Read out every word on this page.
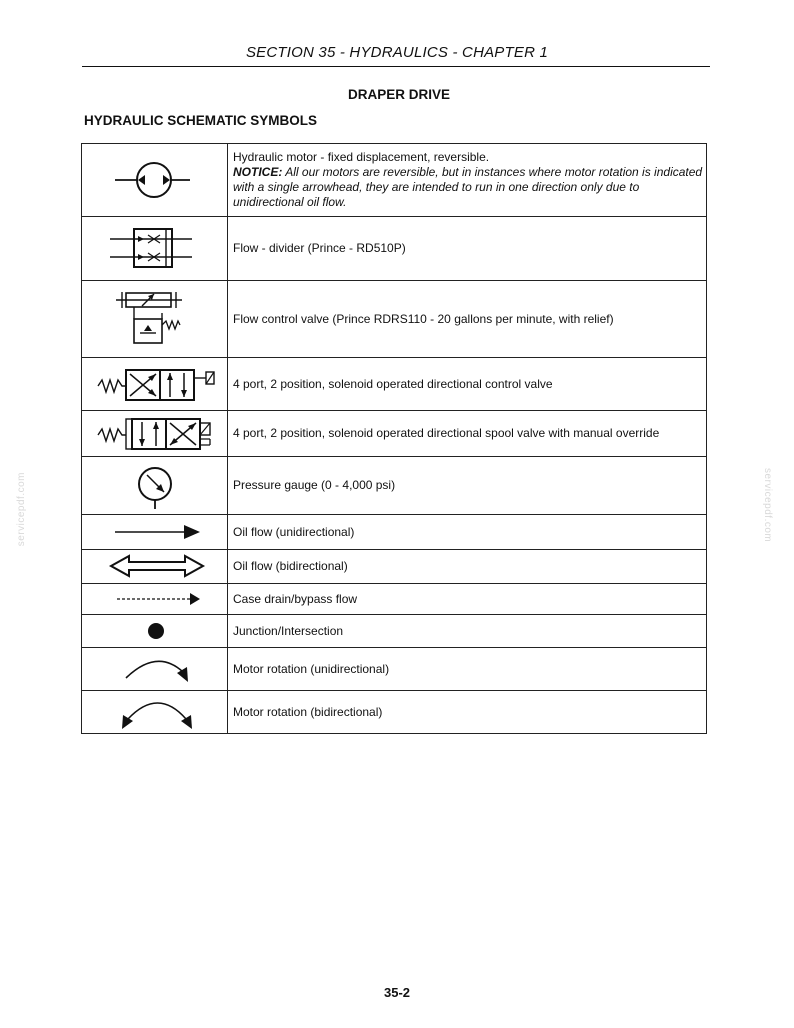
SECTION 35 - HYDRAULICS - CHAPTER 1
DRAPER DRIVE
HYDRAULIC SCHEMATIC SYMBOLS
servicepdf.com	servicepdf.com

Hydraulic motor - fixed displacement, reversible.
NOTICE: All our motors are reversible, but in instances where motor rotation is indicated with a single arrowhead, they are intended to run in one direction only due to unidirectional oil flow.

	Flow - divider (Prince - RD510P)

	Flow control valve (Prince RDRS110 - 20 gallons per minute, with relief)

	4 port, 2 position, solenoid operated directional control valve

	4 port, 2 position, solenoid operated directional spool valve with manual override

	Pressure gauge (0 - 4,000 psi)

	Oil flow (unidirectional)

	Oil flow (bidirectional)

	Case drain/bypass flow

	Junction/Intersection

	Motor rotation (unidirectional)

	Motor rotation (bidirectional)
35-2
